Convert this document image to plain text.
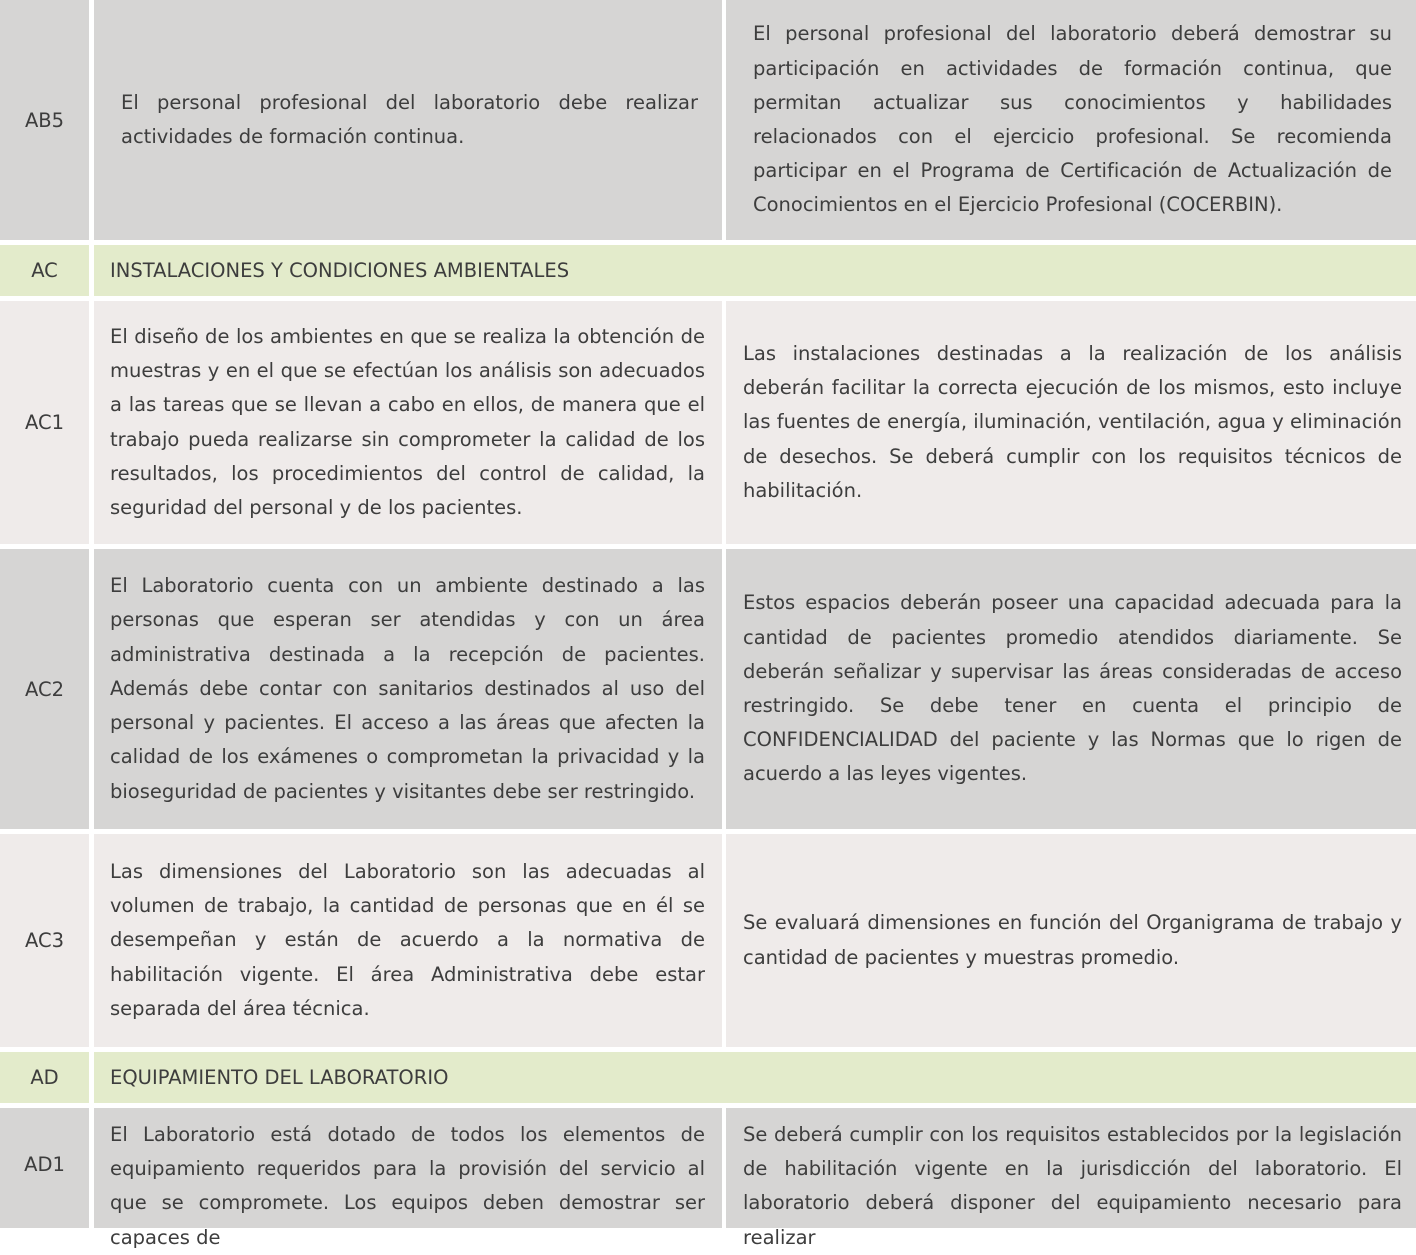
AB5
El personal profesional del laboratorio debe realizar actividades de formación continua.
El personal profesional del laboratorio deberá demostrar su participación en actividades de formación continua, que permitan actualizar sus conocimientos y habilidades relacionados con el ejercicio profesional. Se recomienda participar en el Programa de Certificación de Actualización de Conocimientos en el Ejercicio Profesional (COCERBIN).
AC	INSTALACIONES Y CONDICIONES AMBIENTALES
AC1
El diseño de los ambientes en que se realiza la obtención de muestras y en el que se efectúan los análisis son adecuados a las tareas que se llevan a cabo en ellos, de manera que el trabajo pueda realizarse sin comprometer la calidad de los resultados, los procedimientos del control de calidad, la seguridad del personal y de los pacientes.
Las instalaciones destinadas a la realización de los análisis deberán facilitar la correcta ejecución de los mismos, esto incluye las fuentes de energía, iluminación, ventilación, agua y eliminación de desechos. Se deberá cumplir con los requisitos técnicos de habilitación.
AC2
El Laboratorio cuenta con un ambiente destinado a las personas que esperan ser atendidas y con un área administrativa destinada a la recepción de pacientes. Además debe contar con sanitarios destinados al uso del personal y pacientes. El acceso a las áreas que afecten la calidad de los exámenes o comprometan la privacidad y la bioseguridad de pacientes y visitantes debe ser restringido.
Estos espacios deberán poseer una capacidad adecuada para la cantidad de pacientes promedio atendidos diariamente. Se deberán señalizar y supervisar las áreas consideradas de acceso restringido. Se debe tener en cuenta el principio de CONFIDENCIALIDAD del paciente y las Normas que lo rigen de acuerdo a las leyes vigentes.
AC3
Las dimensiones del Laboratorio son las adecuadas al volumen de trabajo, la cantidad de personas que en él se desempeñan y están de acuerdo a la normativa de habilitación vigente. El área Administrativa debe estar separada del área técnica.
Se evaluará dimensiones en función del Organigrama de trabajo y cantidad de pacientes y muestras promedio.
AD	EQUIPAMIENTO DEL LABORATORIO
AD1
El Laboratorio está dotado de todos los elementos de equipamiento requeridos para la provisión del servicio al que se compromete. Los equipos deben demostrar ser capaces de
Se deberá cumplir con los requisitos establecidos por la legislación de habilitación vigente en la jurisdicción del laboratorio. El laboratorio deberá disponer del equipamiento necesario para realizar
